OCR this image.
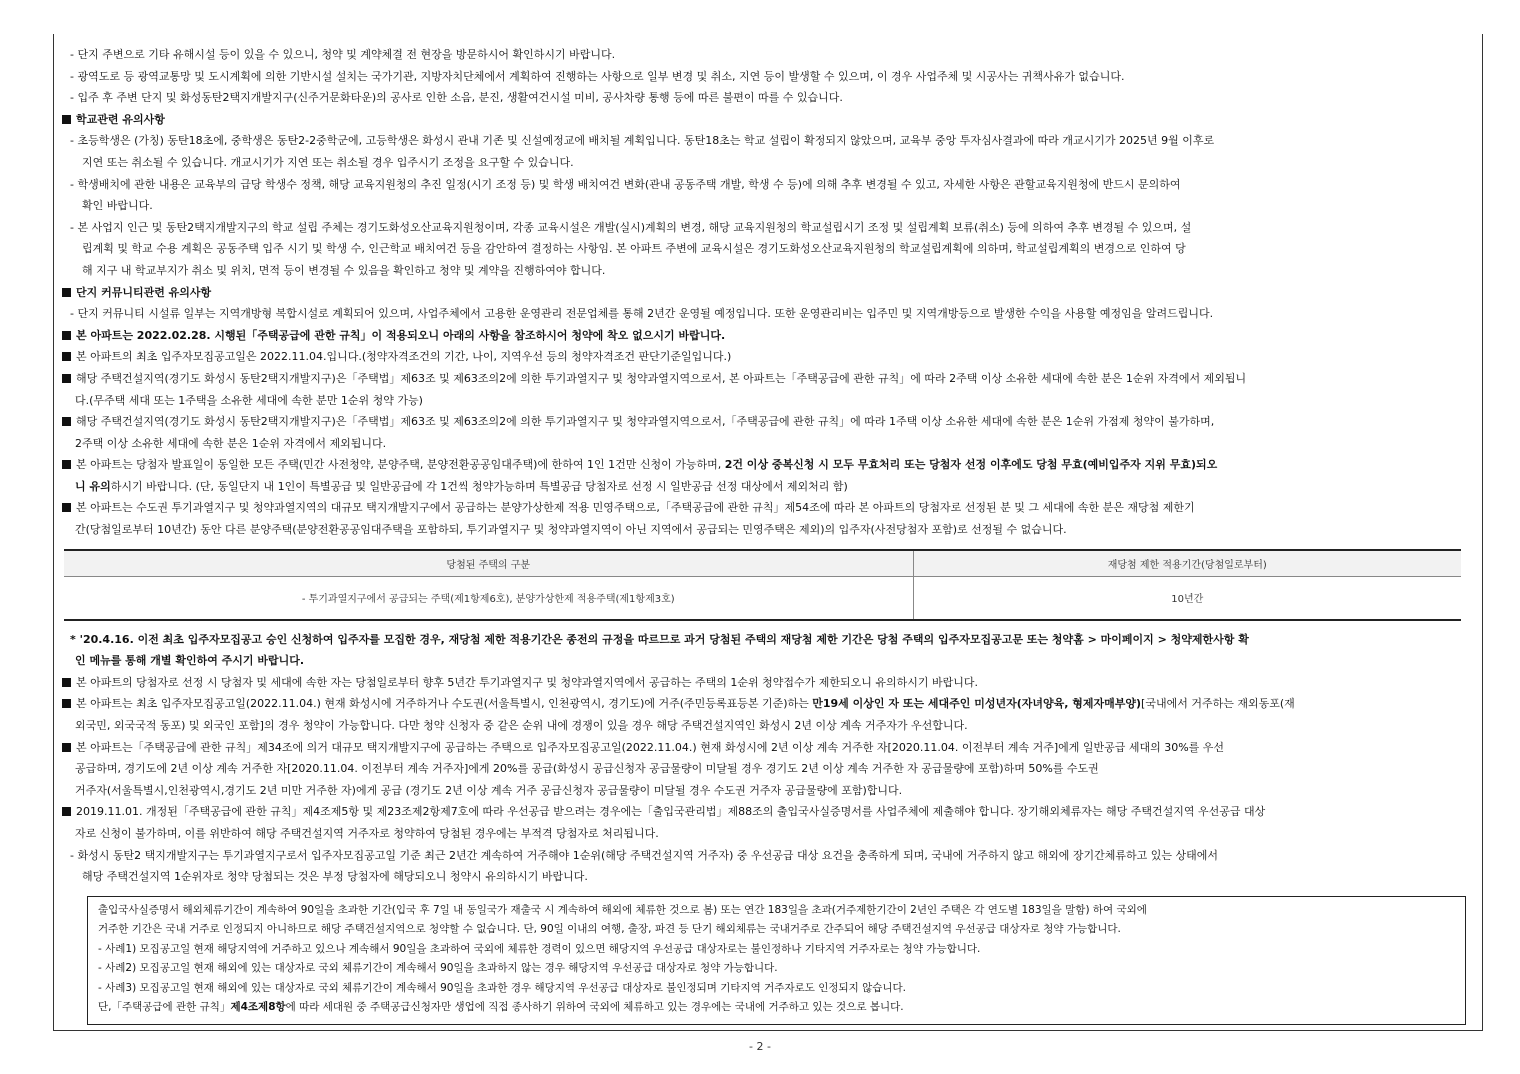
- 단지 주변으로 기타 유해시설 등이 있을 수 있으니, 청약 및 계약체결 전 현장을 방문하시어 확인하시기 바랍니다.
- 광역도로 등 광역교통망 및 도시계획에 의한 기반시설 설치는 국가기관, 지방자치단체에서 계획하여 진행하는 사항으로 일부 변경 및 취소, 지연 등이 발생할 수 있으며, 이 경우 사업주체 및 시공사는 귀책사유가 없습니다.
- 입주 후 주변 단지 및 화성동탄2택지개발지구(신주거문화타운)의 공사로 인한 소음, 분진, 생활여건시설 미비, 공사차량 통행 등에 따른 불편이 따를 수 있습니다.
학교관련 유의사항
- 초등학생은 (가칭) 동탄18초에, 중학생은 동탄2-2중학군에, 고등학생은 화성시 관내 기존 및 신설예정교에 배치될 계획입니다. 동탄18초는 학교 설립이 확정되지 않았으며, 교육부 중앙 투자심사결과에 따라 개교시기가 2025년 9월 이후로
지연 또는 취소될 수 있습니다. 개교시기가 지연 또는 취소될 경우 입주시기 조정을 요구할 수 있습니다.
- 학생배치에 관한 내용은 교육부의 급당 학생수 정책, 해당 교육지원청의 추진 일정(시기 조정 등) 및 학생 배치여건 변화(관내 공동주택 개발, 학생 수 등)에 의해 추후 변경될 수 있고, 자세한 사항은 관할교육지원청에 반드시 문의하여
확인 바랍니다.
- 본 사업지 인근 및 동탄2택지개발지구의 학교 설립 주체는 경기도화성오산교육지원청이며, 각종 교육시설은 개발(실시)계획의 변경, 해당 교육지원청의 학교설립시기 조정 및 설립계획 보류(취소) 등에 의하여 추후 변경될 수 있으며, 설
립계획 및 학교 수용 계획은 공동주택 입주 시기 및 학생 수, 인근학교 배치여건 등을 감안하여 결정하는 사항임. 본 아파트 주변에 교육시설은 경기도화성오산교육지원청의 학교설립계획에 의하며, 학교설립계획의 변경으로 인하여 당
해 지구 내 학교부지가 취소 및 위치, 면적 등이 변경될 수 있음을 확인하고 청약 및 계약을 진행하여야 합니다.
단지 커뮤니티관련 유의사항
- 단지 커뮤니티 시설류 일부는 지역개방형 복합시설로 계획되어 있으며, 사업주체에서 고용한 운영관리 전문업체를 통해 2년간 운영될 예정입니다. 또한 운영관리비는 입주민 및 지역개방등으로 발생한 수익을 사용할 예정임을 알려드립니다.
본 아파트는 2022.02.28. 시행된「주택공급에 관한 규칙」이 적용되오니 아래의 사항을 참조하시어 청약에 착오 없으시기 바랍니다.
본 아파트의 최초 입주자모집공고일은 2022.11.04.입니다.(청약자격조건의 기간, 나이, 지역우선 등의 청약자격조건 판단기준일입니다.)
해당 주택건설지역(경기도 화성시 동탄2택지개발지구)은「주택법」제63조 및 제63조의2에 의한 투기과열지구 및 청약과열지역으로서, 본 아파트는「주택공급에 관한 규칙」에 따라 2주택 이상 소유한 세대에 속한 분은 1순위 자격에서 제외됩니
다.(무주택 세대 또는 1주택을 소유한 세대에 속한 분만 1순위 청약 가능)
해당 주택건설지역(경기도 화성시 동탄2택지개발지구)은「주택법」제63조 및 제63조의2에 의한 투기과열지구 및 청약과열지역으로서,「주택공급에 관한 규칙」에 따라 1주택 이상 소유한 세대에 속한 분은 1순위 가점제 청약이 불가하며,
2주택 이상 소유한 세대에 속한 분은 1순위 자격에서 제외됩니다.
본 아파트는 당첨자 발표일이 동일한 모든 주택(민간 사전청약, 분양주택, 분양전환공공임대주택)에 한하여 1인 1건만 신청이 가능하며, 2건 이상 중복신청 시 모두 무효처리 또는 당첨자 선정 이후에도 당첨 무효(예비입주자 지위 무효)되오
니 유의하시기 바랍니다. (단, 동일단지 내 1인이 특별공급 및 일반공급에 각 1건씩 청약가능하며 특별공급 당첨자로 선정 시 일반공급 선정 대상에서 제외처리 함)
본 아파트는 수도권 투기과열지구 및 청약과열지역의 대규모 택지개발지구에서 공급하는 분양가상한제 적용 민영주택으로,「주택공급에 관한 규칙」제54조에 따라 본 아파트의 당첨자로 선정된 분 및 그 세대에 속한 분은 재당첨 제한기
간(당첨일로부터 10년간) 동안 다른 분양주택(분양전환공공임대주택을 포함하되, 투기과열지구 및 청약과열지역이 아닌 지역에서 공급되는 민영주택은 제외)의 입주자(사전당첨자 포함)로 선정될 수 없습니다.
당첨된 주택의 구분	재당첨 제한 적용기간(당첨일로부터)
- 투기과열지구에서 공급되는 주택(제1항제6호), 분양가상한제 적용주택(제1항제3호)	10년간
* '20.4.16. 이전 최초 입주자모집공고 승인 신청하여 입주자를 모집한 경우, 재당첨 제한 적용기간은 종전의 규정을 따르므로 과거 당첨된 주택의 재당첨 제한 기간은 당첨 주택의 입주자모집공고문 또는 청약홈 > 마이페이지 > 청약제한사항 확
인 메뉴를 통해 개별 확인하여 주시기 바랍니다.
본 아파트의 당첨자로 선정 시 당첨자 및 세대에 속한 자는 당첨일로부터 향후 5년간 투기과열지구 및 청약과열지역에서 공급하는 주택의 1순위 청약접수가 제한되오니 유의하시기 바랍니다.
본 아파트는 최초 입주자모집공고일(2022.11.04.) 현재 화성시에 거주하거나 수도권(서울특별시, 인천광역시, 경기도)에 거주(주민등록표등본 기준)하는 만19세 이상인 자 또는 세대주인 미성년자(자녀양육, 형제자매부양)[국내에서 거주하는 재외동포(재
외국민, 외국국적 동포) 및 외국인 포함]의 경우 청약이 가능합니다. 다만 청약 신청자 중 같은 순위 내에 경쟁이 있을 경우 해당 주택건설지역인 화성시 2년 이상 계속 거주자가 우선합니다.
본 아파트는「주택공급에 관한 규칙」제34조에 의거 대규모 택지개발지구에 공급하는 주택으로 입주자모집공고일(2022.11.04.) 현재 화성시에 2년 이상 계속 거주한 자[2020.11.04. 이전부터 계속 거주]에게 일반공급 세대의 30%를 우선
공급하며, 경기도에 2년 이상 계속 거주한 자[2020.11.04. 이전부터 계속 거주자]에게 20%를 공급(화성시 공급신청자 공급물량이 미달될 경우 경기도 2년 이상 계속 거주한 자 공급물량에 포함)하며 50%를 수도권
거주자(서울특별시,인천광역시,경기도 2년 미만 거주한 자)에게 공급 (경기도 2년 이상 계속 거주 공급신청자 공급물량이 미달될 경우 수도권 거주자 공급물량에 포함)합니다.
2019.11.01. 개정된「주택공급에 관한 규칙」제4조제5항 및 제23조제2항제7호에 따라 우선공급 받으려는 경우에는「출입국관리법」제88조의 출입국사실증명서를 사업주체에 제출해야 합니다. 장기해외체류자는 해당 주택건설지역 우선공급 대상
자로 신청이 불가하며, 이를 위반하여 해당 주택건설지역 거주자로 청약하여 당첨된 경우에는 부적격 당첨자로 처리됩니다.
- 화성시 동탄2 택지개발지구는 투기과열지구로서 입주자모집공고일 기준 최근 2년간 계속하여 거주해야 1순위(해당 주택건설지역 거주자) 중 우선공급 대상 요건을 충족하게 되며, 국내에 거주하지 않고 해외에 장기간체류하고 있는 상태에서
해당 주택건설지역 1순위자로 청약 당첨되는 것은 부정 당첨자에 해당되오니 청약시 유의하시기 바랍니다.
출입국사실증명서 해외체류기간이 계속하여 90일을 초과한 기간(입국 후 7일 내 동일국가 재출국 시 계속하여 해외에 체류한 것으로 봄) 또는 연간 183일을 초과(거주제한기간이 2년인 주택은 각 연도별 183일을 말함) 하여 국외에
거주한 기간은 국내 거주로 인정되지 아니하므로 해당 주택건설지역으로 청약할 수 없습니다. 단, 90일 이내의 여행, 출장, 파견 등 단기 해외체류는 국내거주로 간주되어 해당 주택건설지역 우선공급 대상자로 청약 가능합니다.
- 사례1) 모집공고일 현재 해당지역에 거주하고 있으나 계속해서 90일을 초과하여 국외에 체류한 경력이 있으면 해당지역 우선공급 대상자로는 불인정하나 기타지역 거주자로는 청약 가능합니다.
- 사례2) 모집공고일 현재 해외에 있는 대상자로 국외 체류기간이 계속해서 90일을 초과하지 않는 경우 해당지역 우선공급 대상자로 청약 가능합니다.
- 사례3) 모집공고일 현재 해외에 있는 대상자로 국외 체류기간이 계속해서 90일을 초과한 경우 해당지역 우선공급 대상자로 불인정되며 기타지역 거주자로도 인정되지 않습니다.
단,「주택공급에 관한 규칙」제4조제8항에 따라 세대원 중 주택공급신청자만 생업에 직접 종사하기 위하여 국외에 체류하고 있는 경우에는 국내에 거주하고 있는 것으로 봅니다.
- 2 -
